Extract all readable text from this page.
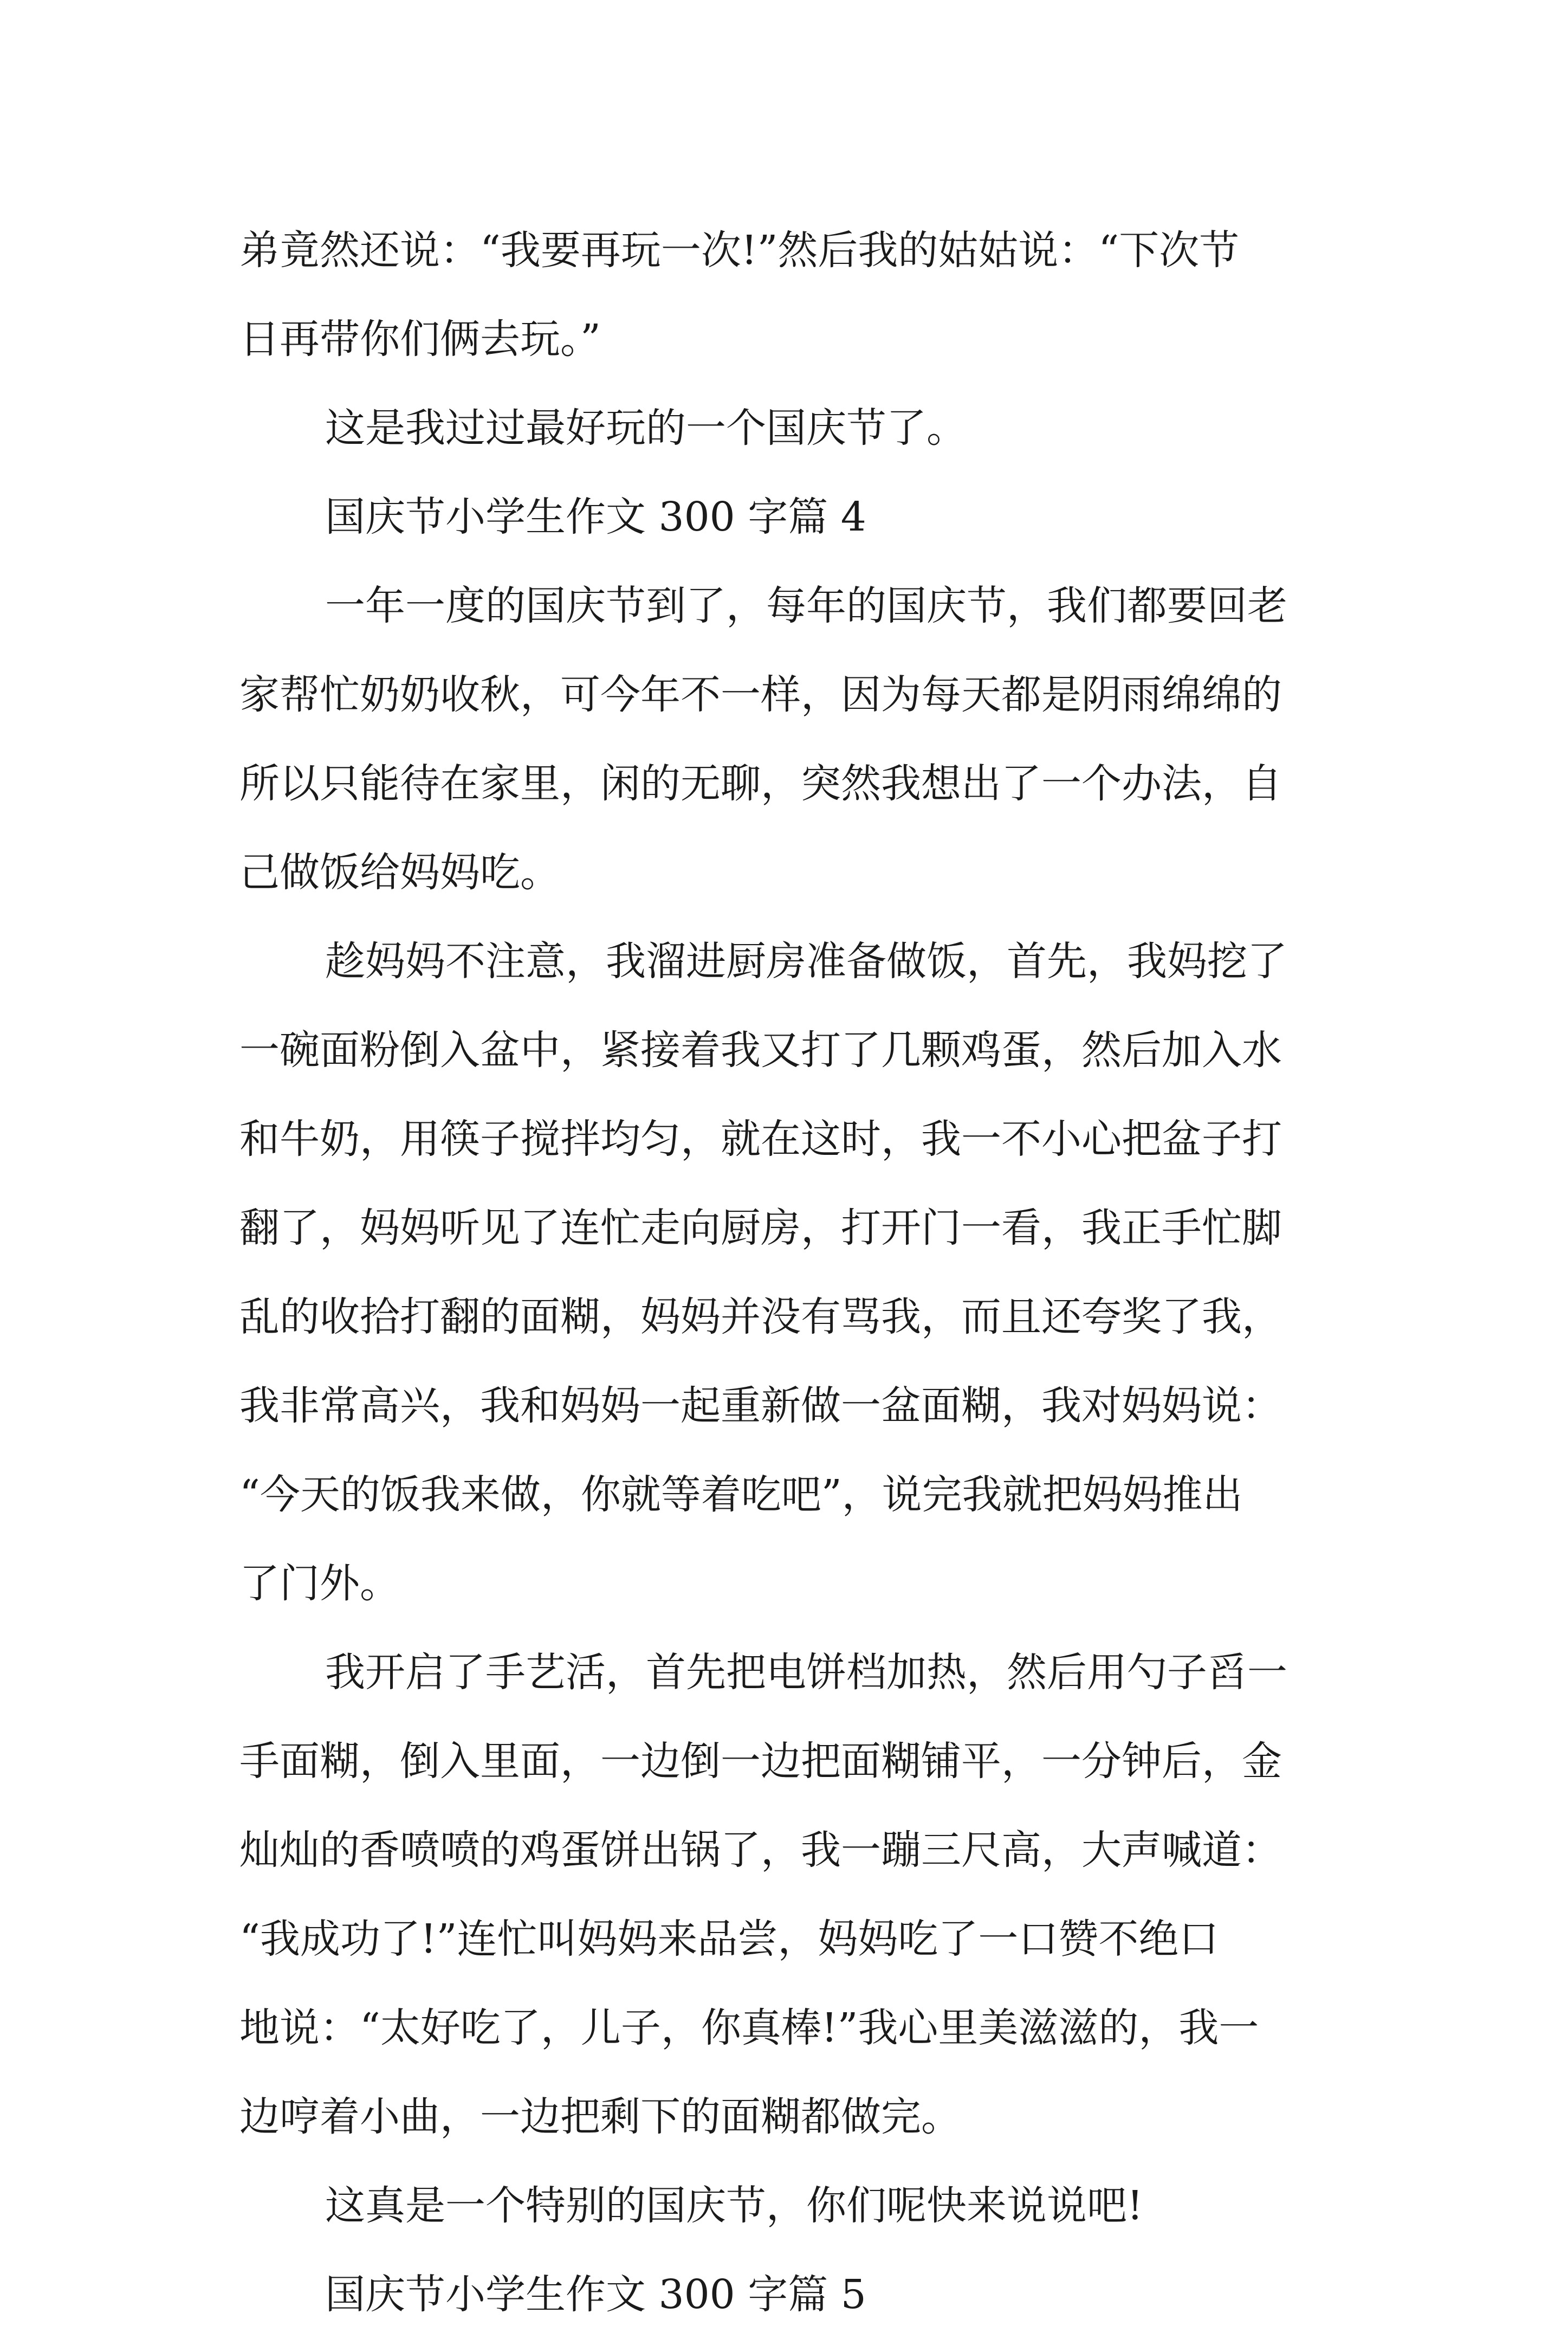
弟竟然还说：“我要再玩一次!”然后我的姑姑说：“下次节
日再带你们俩去玩。”
这是我过过最好玩的一个国庆节了。
国庆节小学生作文 300 字篇 4
一年一度的国庆节到了，每年的国庆节，我们都要回老
家帮忙奶奶收秋，可今年不一样，因为每天都是阴雨绵绵的
所以只能待在家里，闲的无聊，突然我想出了一个办法，自
己做饭给妈妈吃。
趁妈妈不注意，我溜进厨房准备做饭，首先，我妈挖了
一碗面粉倒入盆中，紧接着我又打了几颗鸡蛋，然后加入水
和牛奶，用筷子搅拌均匀，就在这时，我一不小心把盆子打
翻了，妈妈听见了连忙走向厨房，打开门一看，我正手忙脚
乱的收拾打翻的面糊，妈妈并没有骂我，而且还夸奖了我，
我非常高兴，我和妈妈一起重新做一盆面糊，我对妈妈说：
“今天的饭我来做，你就等着吃吧”，说完我就把妈妈推出
了门外。
我开启了手艺活，首先把电饼档加热，然后用勺子舀一
手面糊，倒入里面，一边倒一边把面糊铺平，一分钟后，金
灿灿的香喷喷的鸡蛋饼出锅了，我一蹦三尺高，大声喊道：
“我成功了!”连忙叫妈妈来品尝，妈妈吃了一口赞不绝口
地说：“太好吃了，儿子，你真棒!”我心里美滋滋的，我一
边哼着小曲，一边把剩下的面糊都做完。
这真是一个特别的国庆节，你们呢快来说说吧!
国庆节小学生作文 300 字篇 5
